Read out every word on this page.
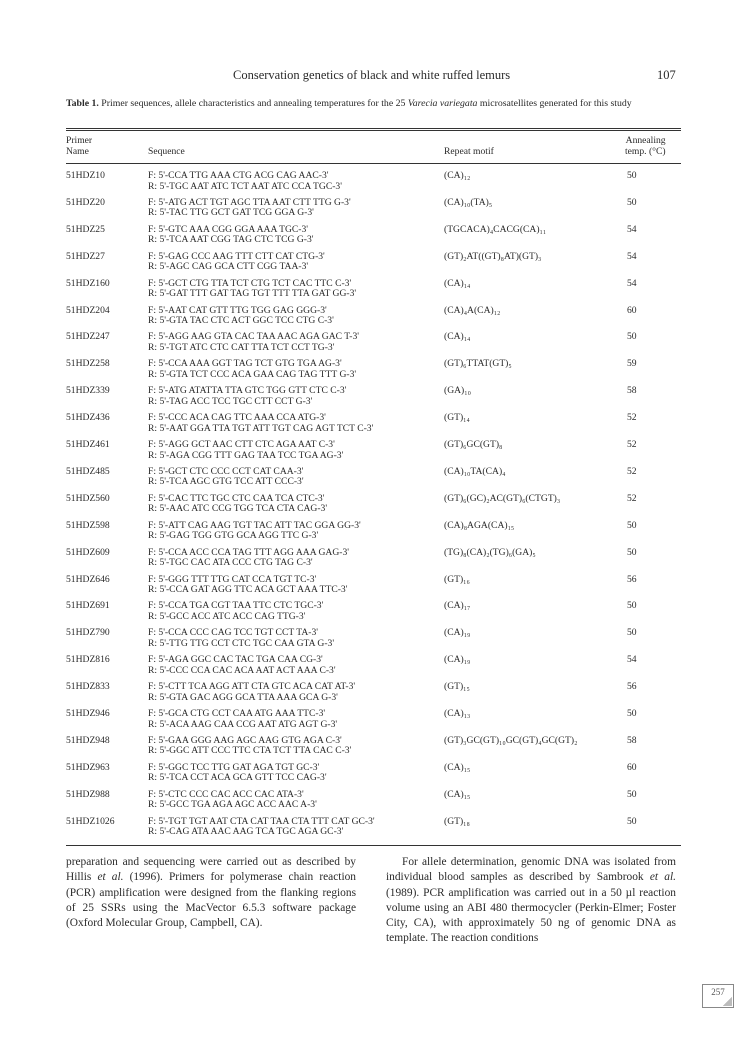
Conservation genetics of black and white ruffed lemurs	107
Table 1. Primer sequences, allele characteristics and annealing temperatures for the 25 Varecia variegata microsatellites generated for this study
Primer
Name	Sequence	Repeat motif
Annealing
temp. (°C)
51HDZ10	F: 5'-CCA TTG AAA CTG ACG CAG AAC-3'
R: 5'-TGC AAT ATC TCT AAT ATC CCA TGC-3'
(CA)₁₂	50
51HDZ20	F: 5'-ATG ACT TGT AGC TTA AAT CTT TTG G-3'
R: 5'-TAC TTG GCT GAT TCG GGA G-3'
(CA)₁₀(TA)₅	50
51HDZ25	F: 5'-GTC AAA CGG GGA AAA TGC-3'
R: 5'-TCA AAT CGG TAG CTC TCG G-3'
(TGCACA)₄CACG(CA)₁₁	54
51HDZ27	F: 5'-GAG CCC AAG TTT CTT CAT CTG-3'
R: 5'-AGC CAG GCA CTT CGG TAA-3'
(GT)₂AT((GT)₈AT)(GT)₃	54
51HDZ160	F: 5'-GCT CTG TTA TCT CTG TCT CAC TTC C-3'
R: 5'-GAT TTT GAT TAG TGT TTT TTA GAT GG-3'
(CA)₁₄	54
51HDZ204	F: 5'-AAT CAT GTT TTG TGG GAG GGG-3'
R: 5'-GTA TAC CTC ACT GGC TCC CTG C-3'
(CA)₄A(CA)₁₂	60
51HDZ247	F: 5'-AGG AAG GTA CAC TAA AAC AGA GAC T-3'
R: 5'-TGT ATC CTC CAT TTA TCT CCT TG-3'
(CA)₁₄	50
51HDZ258	F: 5'-CCA AAA GGT TAG TCT GTG TGA AG-3'
R: 5'-GTA TCT CCC ACA GAA CAG TAG TTT G-3'
(GT)₆TTAT(GT)₅	59
51HDZ339	F: 5'-ATG ATATTA TTA GTC TGG GTT CTC C-3'
R: 5'-TAG ACC TCC TGC CTT CCT G-3'
(GA)₁₀	58
51HDZ436	F: 5'-CCC ACA CAG TTC AAA CCA ATG-3'
R: 5'-AAT GGA TTA TGT ATT TGT CAG AGT TCT C-3'
(GT)₁₄	52
51HDZ461	F: 5'-AGG GCT AAC CTT CTC AGA AAT C-3'
R: 5'-AGA CGG TTT GAG TAA TCC TGA AG-3'
(GT)₆GC(GT)₈	52
51HDZ485	F: 5'-GCT CTC CCC CCT CAT CAA-3'
R: 5'-TCA AGC GTG TCC ATT CCC-3'
(CA)₁₀TA(CA)₄	52
51HDZ560	F: 5'-CAC TTC TGC CTC CAA TCA CTC-3'
R: 5'-AAC ATC CCG TGG TCA CTA CAG-3'
(GT)₆(GC)₂AC(GT)₆(CTGT)₃	52
51HDZ598	F: 5'-ATT CAG AAG TGT TAC ATT TAC GGA GG-3'
R: 5'-GAG TGG GTG GCA AGG TTC G-3'
(CA)₈AGA(CA)₁₅	50
51HDZ609	F: 5'-CCA ACC CCA TAG TTT AGG AAA GAG-3'
R: 5'-TGC CAC ATA CCC CTG TAG C-3'
(TG)₈(CA)₂(TG)₆(GA)₅	50
51HDZ646	F: 5'-GGG TTT TTG CAT CCA TGT TC-3'
R: 5'-CCA GAT AGG TTC ACA GCT AAA TTC-3'
(GT)₁₆	56
51HDZ691	F: 5'-CCA TGA CGT TAA TTC CTC TGC-3'
R: 5'-GCC ACC ATC ACC CAG TTG-3'
(CA)₁₇	50
51HDZ790	F: 5'-CCA CCC CAG TCC TGT CCT TA-3'
R: 5'-TTG TTG CCT CTC TGC CAA GTA G-3'
(CA)₁₉	50
51HDZ816	F: 5'-AGA GGC CAC TAC TGA CAA CG-3'
R: 5'-CCC CCA CAC ACA AAT ACT AAA C-3'
(CA)₁₉	54
51HDZ833	F: 5'-CTT TCA AGG ATT CTA GTC ACA CAT AT-3'
R: 5'-GTA GAC AGG GCA TTA AAA GCA G-3'
(GT)₁₅	56
51HDZ946	F: 5'-GCA CTG CCT CAA ATG AAA TTC-3'
R: 5'-ACA AAG CAA CCG AAT ATG AGT G-3'
(CA)₁₃	50
51HDZ948	F: 5'-GAA GGG AAG AGC AAG GTG AGA C-3'
R: 5'-GGC ATT CCC TTC CTA TCT TTA CAC C-3'
(GT)₃GC(GT)₁₀GC(GT)₄GC(GT)₂	58
51HDZ963	F: 5'-GGC TCC TTG GAT AGA TGT GC-3'
R: 5'-TCA CCT ACA GCA GTT TCC CAG-3'
(CA)₁₅	60
51HDZ988	F: 5'-CTC CCC CAC ACC CAC ATA-3'
R: 5'-GCC TGA AGA AGC ACC AAC A-3'
(CA)₁₅	50
51HDZ1026	F: 5'-TGT TGT AAT CTA CAT TAA CTA TTT CAT GC-3'
R: 5'-CAG ATA AAC AAG TCA TGC AGA GC-3'
(GT)₁₈	50

preparation and sequencing were carried out as described by Hillis et al. (1996). Primers for polymerase chain reaction (PCR) amplification were designed from the flanking regions of 25 SSRs using the MacVector 6.5.3 software package (Oxford Molecular Group, Campbell, CA).

For allele determination, genomic DNA was isolated from individual blood samples as described by Sambrook et al. (1989). PCR amplification was carried out in a 50 µl reaction volume using an ABI 480 thermocycler (Perkin-Elmer; Foster City, CA), with approximately 50 ng of genomic DNA as template. The reaction conditions

257
